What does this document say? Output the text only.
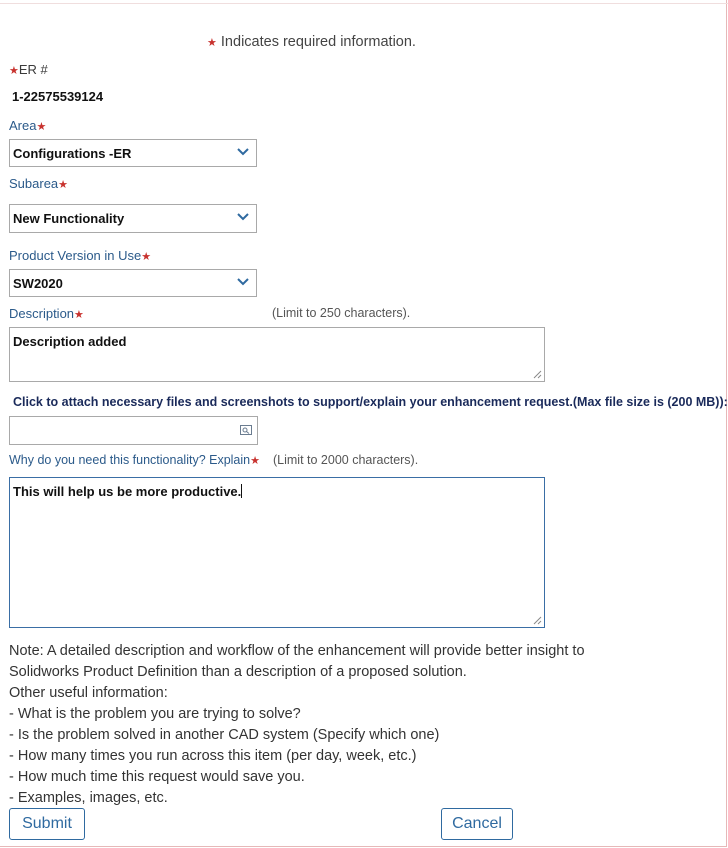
★ Indicates required information.
★ER #
1-22575539124
Area★
Configurations -ER
Subarea★
New Functionality
Product Version in Use★
SW2020
Description★	(Limit to 250 characters).
Description added
Click to attach necessary files and screenshots to support/explain your enhancement request.(Max file size is (200 MB)):
Why do you need this functionality? Explain★ (Limit to 2000 characters).
This will help us be more productive.
Note: A detailed description and workflow of the enhancement will provide better insight to
Solidworks Product Definition than a description of a proposed solution.
Other useful information:
- What is the problem you are trying to solve?
- Is the problem solved in another CAD system (Specify which one)
- How many times you run across this item (per day, week, etc.)
- How much time this request would save you.
- Examples, images, etc.
Submit	Cancel
